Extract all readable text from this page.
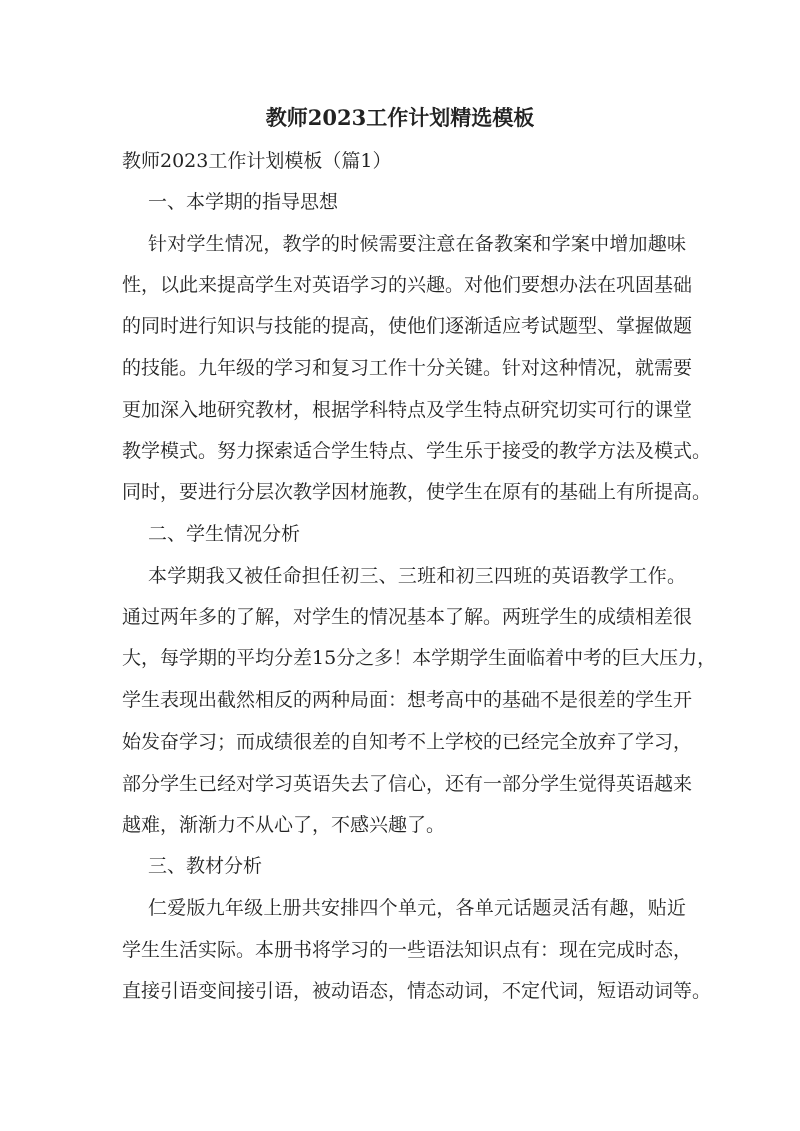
教师2023工作计划精选模板

教师2023工作计划模板（篇1）

一、本学期的指导思想

针对学生情况，教学的时候需要注意在备教案和学案中增加趣味

性，以此来提高学生对英语学习的兴趣。对他们要想办法在巩固基础

的同时进行知识与技能的提高，使他们逐渐适应考试题型、掌握做题

的技能。九年级的学习和复习工作十分关键。针对这种情况，就需要

更加深入地研究教材，根据学科特点及学生特点研究切实可行的课堂

教学模式。努力探索适合学生特点、学生乐于接受的教学方法及模式。

同时，要进行分层次教学因材施教，使学生在原有的基础上有所提高。

二、学生情况分析

本学期我又被任命担任初三、三班和初三四班的英语教学工作。

通过两年多的了解，对学生的情况基本了解。两班学生的成绩相差很

大，每学期的平均分差15分之多！本学期学生面临着中考的巨大压力，

学生表现出截然相反的两种局面：想考高中的基础不是很差的学生开

始发奋学习；而成绩很差的自知考不上学校的已经完全放弃了学习，

部分学生已经对学习英语失去了信心，还有一部分学生觉得英语越来

越难，渐渐力不从心了，不感兴趣了。

三、教材分析

仁爱版九年级上册共安排四个单元，各单元话题灵活有趣，贴近

学生生活实际。本册书将学习的一些语法知识点有：现在完成时态，

直接引语变间接引语，被动语态，情态动词，不定代词，短语动词等。
